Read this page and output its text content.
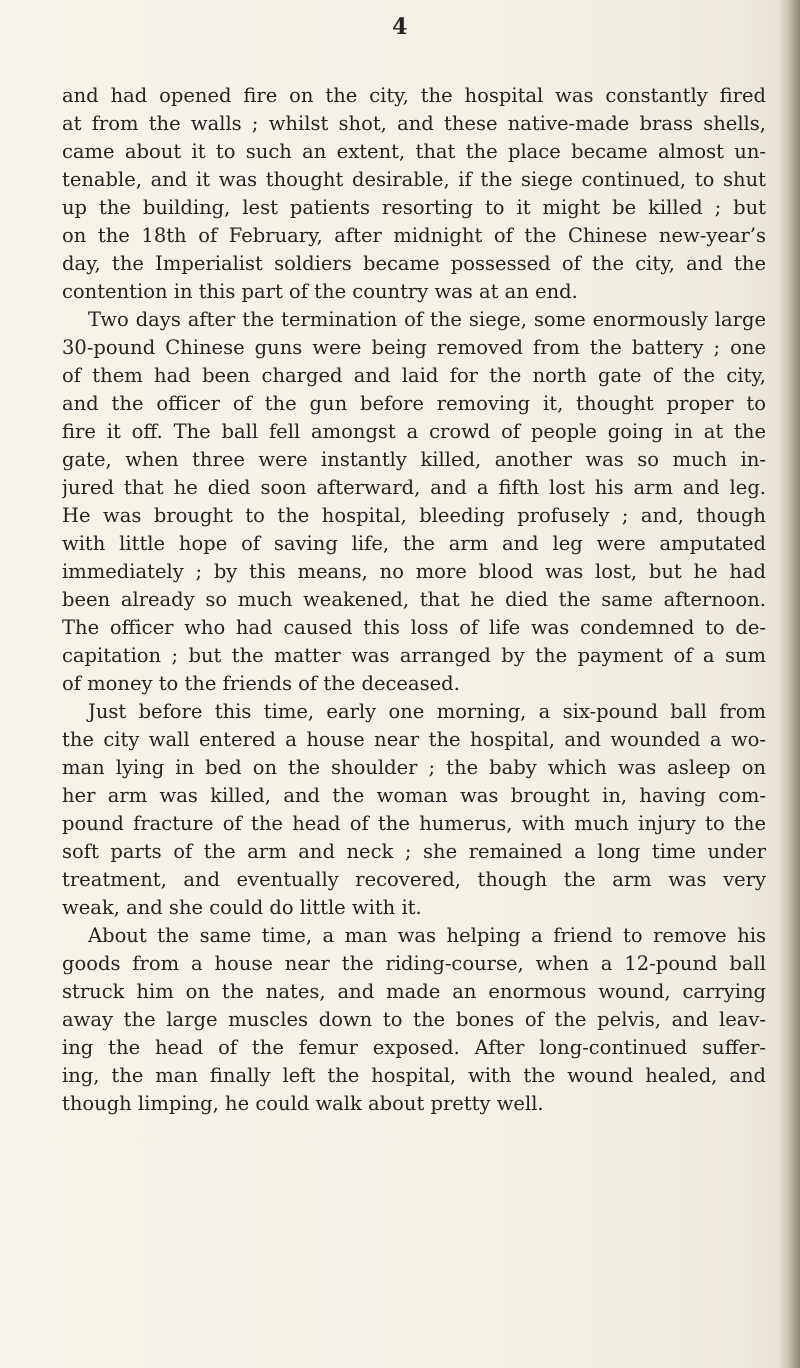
4
and had opened fire on the city, the hospital was constantly fired
at from the walls ; whilst shot, and these native-made brass shells,
came about it to such an extent, that the place became almost un-
tenable, and it was thought desirable, if the siege continued, to shut
up the building, lest patients resorting to it might be killed ; but
on the 18th of February, after midnight of the Chinese new-year’s
day, the Imperialist soldiers became possessed of the city, and the
contention in this part of the country was at an end.
Two days after the termination of the siege, some enormously large
30-pound Chinese guns were being removed from the battery ; one
of them had been charged and laid for the north gate of the city,
and the officer of the gun before removing it, thought proper to
fire it off. The ball fell amongst a crowd of people going in at the
gate, when three were instantly killed, another was so much in-
jured that he died soon afterward, and a fifth lost his arm and leg.
He was brought to the hospital, bleeding profusely ; and, though
with little hope of saving life, the arm and leg were amputated
immediately ; by this means, no more blood was lost, but he had
been already so much weakened, that he died the same afternoon.
The officer who had caused this loss of life was condemned to de-
capitation ; but the matter was arranged by the payment of a sum
of money to the friends of the deceased.
Just before this time, early one morning, a six-pound ball from
the city wall entered a house near the hospital, and wounded a wo-
man lying in bed on the shoulder ; the baby which was asleep on
her arm was killed, and the woman was brought in, having com-
pound fracture of the head of the humerus, with much injury to the
soft parts of the arm and neck ; she remained a long time under
treatment, and eventually recovered, though the arm was very
weak, and she could do little with it.
About the same time, a man was helping a friend to remove his
goods from a house near the riding-course, when a 12-pound ball
struck him on the nates, and made an enormous wound, carrying
away the large muscles down to the bones of the pelvis, and leav-
ing the head of the femur exposed. After long-continued suffer-
ing, the man finally left the hospital, with the wound healed, and
though limping, he could walk about pretty well.
